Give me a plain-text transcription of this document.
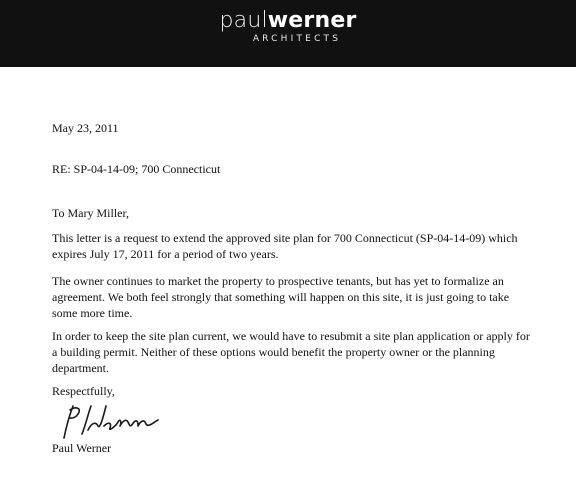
paulwerner
ARCHITECTS

May 23, 2011

RE: SP-04-14-09; 700 Connecticut

To Mary Miller,

This letter is a request to extend the approved site plan for 700 Connecticut (SP-04-14-09) which expires July 17, 2011 for a period of two years.

The owner continues to market the property to prospective tenants, but has yet to formalize an agreement. We both feel strongly that something will happen on this site, it is just going to take some more time.

In order to keep the site plan current, we would have to resubmit a site plan application or apply for a building permit. Neither of these options would benefit the property owner or the planning department.

Respectfully,

Paul Werner
